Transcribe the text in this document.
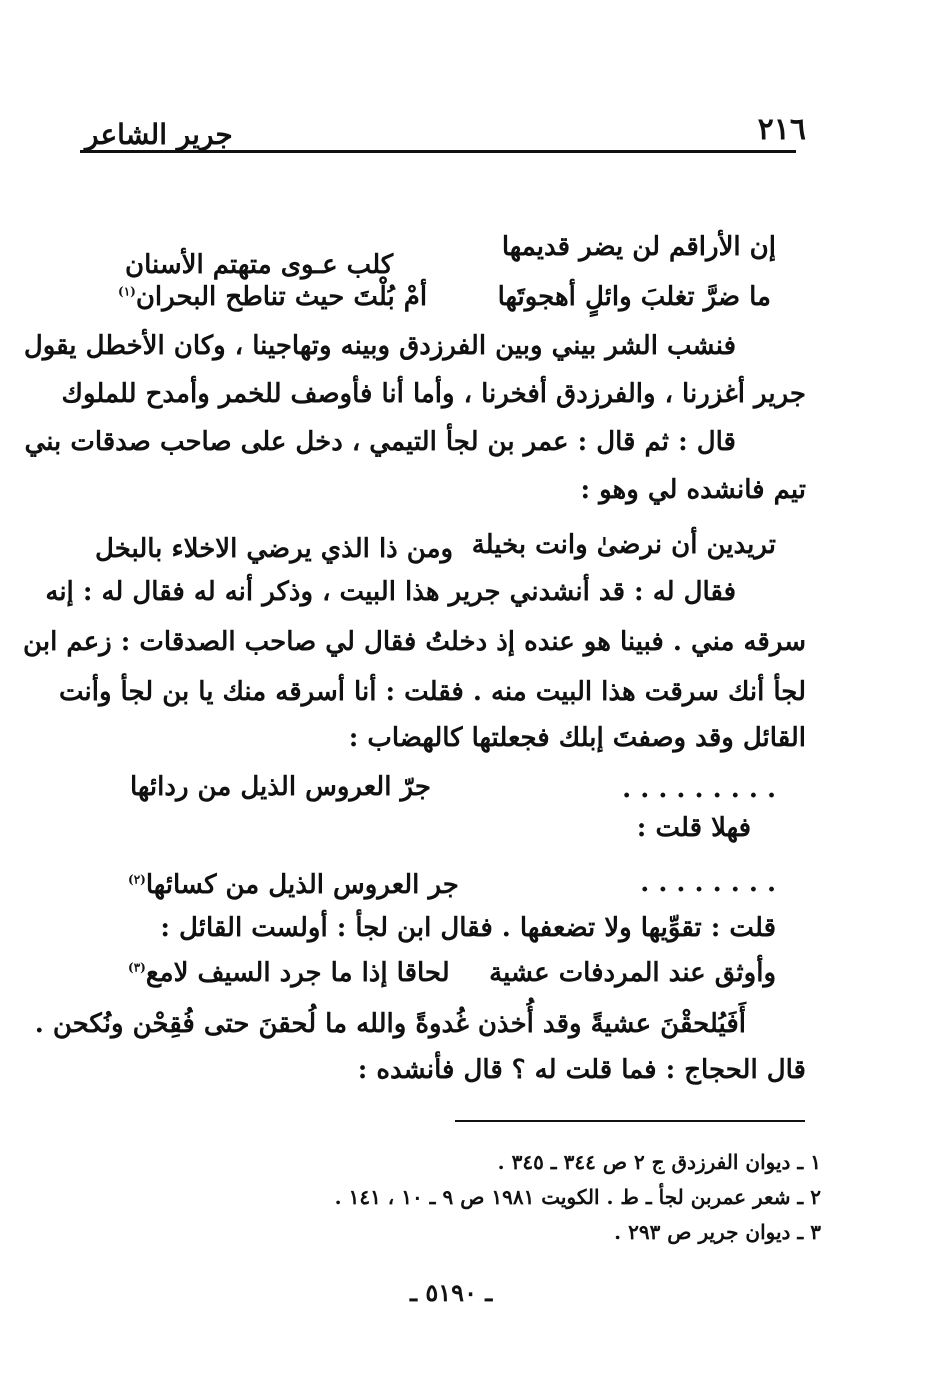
٢١٦
جرير الشاعر
إن الأراقم لن يضر قديمها
كلب عـوى متهتم الأسنان
ما ضرَّ تغلبَ وائلٍ أهجوتَها
أمْ بُلْتَ حيث تناطح البحران$^{(١)}$
فنشب الشر بيني وبين الفرزدق وبينه وتهاجينا ، وكان الأخطل يقول
جرير أغزرنا ، والفرزدق أفخرنا ، وأما أنا فأوصف للخمر وأمدح للملوك
قال : ثم قال : عمر بن لجأ التيمي ، دخل على صاحب صدقات بني
تيم فانشده لي وهو :
تريدين أن نرضىٰ وانت بخيلة
ومن ذا الذي يرضي الاخلاء بالبخل
فقال له : قد أنشدني جرير هذا البيت ، وذكر أنه له فقال له : إنه
سرقه مني . فبينا هو عنده إذ دخلتُ فقال لي صاحب الصدقات : زعم ابن
لجأ أنك سرقت هذا البيت منه . فقلت : أنا أسرقه منك يا بن لجأ وأنت
القائل وقد وصفتَ إبلك فجعلتها كالهضاب :
. . . . . . . . .
جرّ العروس الذيل من ردائها
فهلا قلت :
. . . . . . . .
جر العروس الذيل من كسائها$^{(٢)}$
قلت : تقوِّيها ولا تضعفها . فقال ابن لجأ : أولست القائل :
وأوثق عند المردفات عشية
لحاقا إذا ما جرد السيف لامع$^{(٣)}$
أَفَيُلحقْنَ عشيةً وقد أُخذن غُدوةً والله ما لُحقنَ حتى فُقِحْن ونُكحن .
قال الحجاج : فما قلت له ؟ قال فأنشده :
١ ـ ديوان الفرزدق ج ٢ ص ٣٤٤ ـ ٣٤٥ .
٢ ـ شعر عمربن لجأ ـ ط . الكويت ١٩٨١ ص ٩ ـ ١٠ ، ١٤١ .
٣ ـ ديوان جرير ص ٢٩٣ .
ـ ٥١٩٠ ـ
